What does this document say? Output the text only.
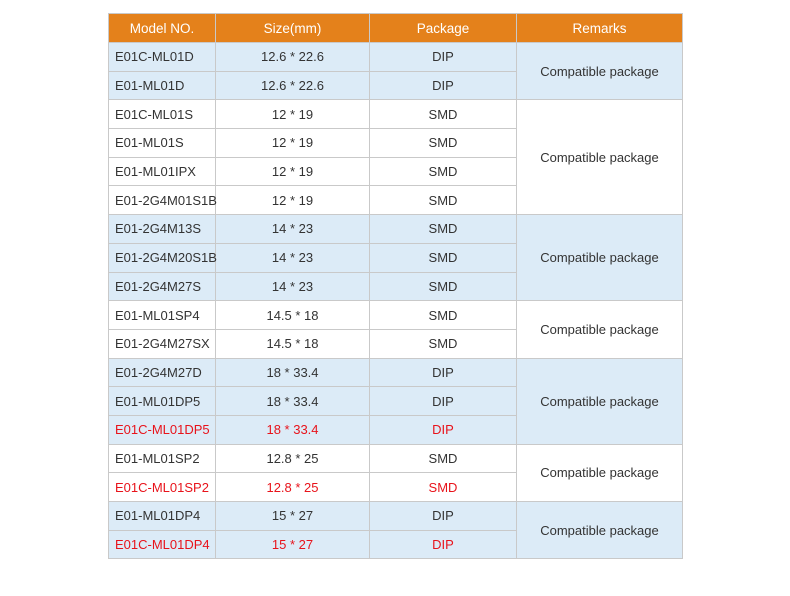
Model NO.	Size(mm)	Package	Remarks
E01C-ML01D	12.6 * 22.6	DIP	Compatible package
E01-ML01D	12.6 * 22.6	DIP	
E01C-ML01S	12 * 19	SMD	Compatible package
E01-ML01S	12 * 19	SMD	
E01-ML01IPX	12 * 19	SMD	
E01-2G4M01S1B	12 * 19	SMD	
E01-2G4M13S	14 * 23	SMD	Compatible package
E01-2G4M20S1B	14 * 23	SMD	
E01-2G4M27S	14 * 23	SMD	
E01-ML01SP4	14.5 * 18	SMD	Compatible package
E01-2G4M27SX	14.5 * 18	SMD	
E01-2G4M27D	18 * 33.4	DIP	Compatible package
E01-ML01DP5	18 * 33.4	DIP	
E01C-ML01DP5	18 * 33.4	DIP	
E01-ML01SP2	12.8 * 25	SMD	Compatible package
E01C-ML01SP2	12.8 * 25	SMD	
E01-ML01DP4	15 * 27	DIP	Compatible package
E01C-ML01DP4	15 * 27	DIP	
